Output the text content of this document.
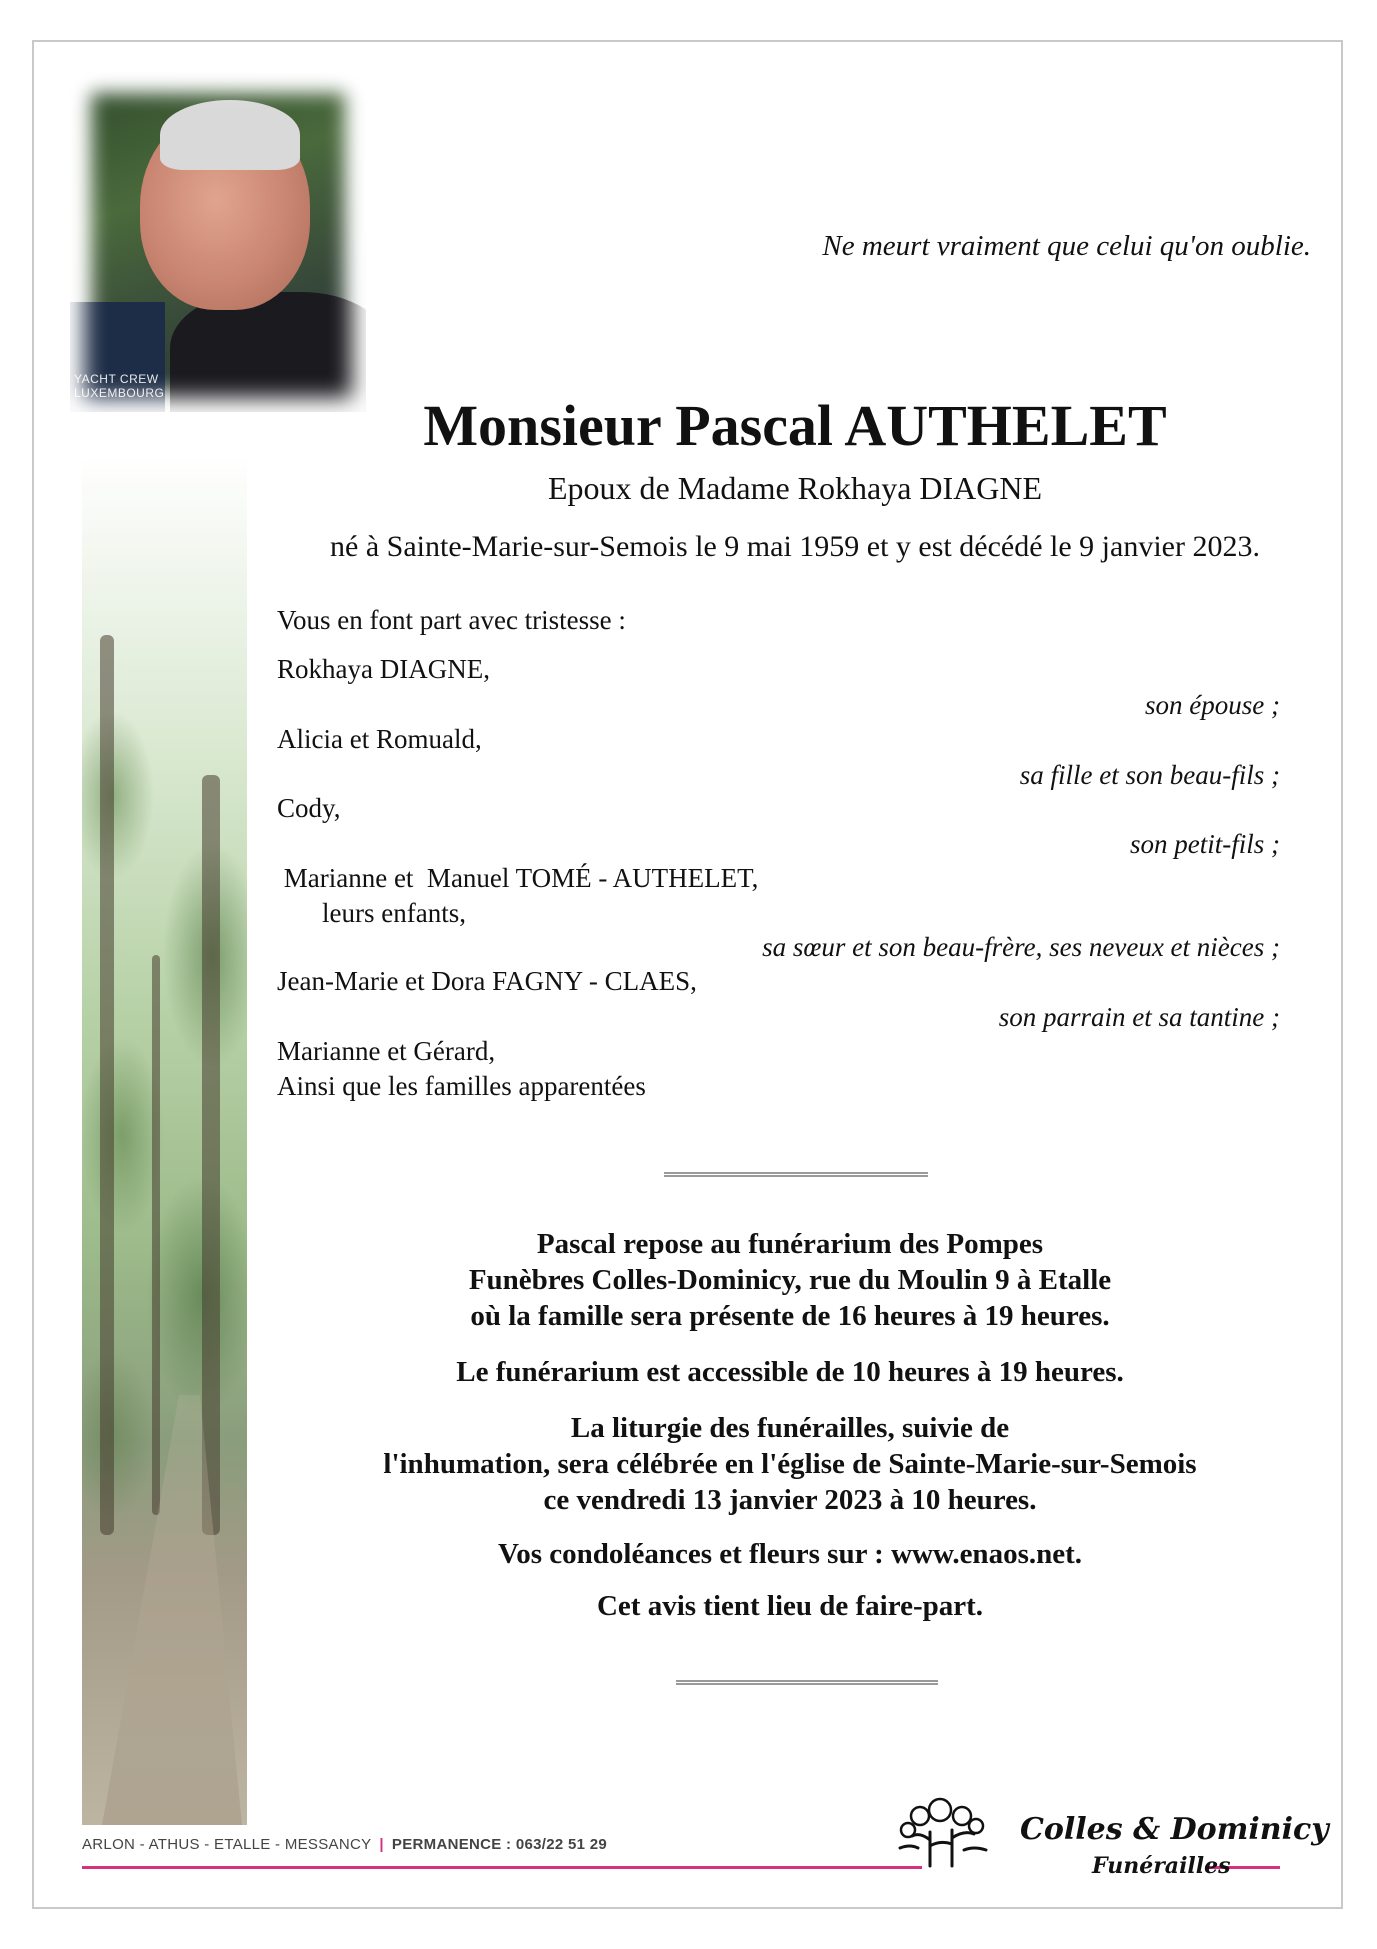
YACHT CREW
LUXEMBOURG
Ne meurt vraiment que celui qu'on oublie.
Monsieur Pascal AUTHELET
Epoux de Madame Rokhaya DIAGNE
né à Sainte-Marie-sur-Semois le 9 mai 1959 et y est décédé le 9 janvier 2023.
Vous en font part avec tristesse :
Rokhaya DIAGNE,
son épouse ;
Alicia et Romuald,
sa fille et son beau-fils ;
Cody,
son petit-fils ;
Marianne et  Manuel TOMÉ - AUTHELET,
leurs enfants,
sa sœur et son beau-frère, ses neveux et nièces ;
Jean-Marie et Dora FAGNY - CLAES,
son parrain et sa tantine ;
Marianne et Gérard,
Ainsi que les familles apparentées

Pascal repose au funérarium des Pompes

Funèbres Colles-Dominicy, rue du Moulin 9 à Etalle

où la famille sera présente de 16 heures à 19 heures.

Le funérarium est accessible de 10 heures à 19 heures.

La liturgie des funérailles, suivie de

l'inhumation, sera célébrée en l'église de Sainte-Marie-sur-Semois

ce vendredi 13 janvier 2023 à 10 heures.

Vos condoléances et fleurs sur : www.enaos.net.
Cet avis tient lieu de faire-part.
ARLON - ATHUS - ETALLE - MESSANCY | PERMANENCE : 063/22 51 29	Colles & Dominicy
Funérailles
